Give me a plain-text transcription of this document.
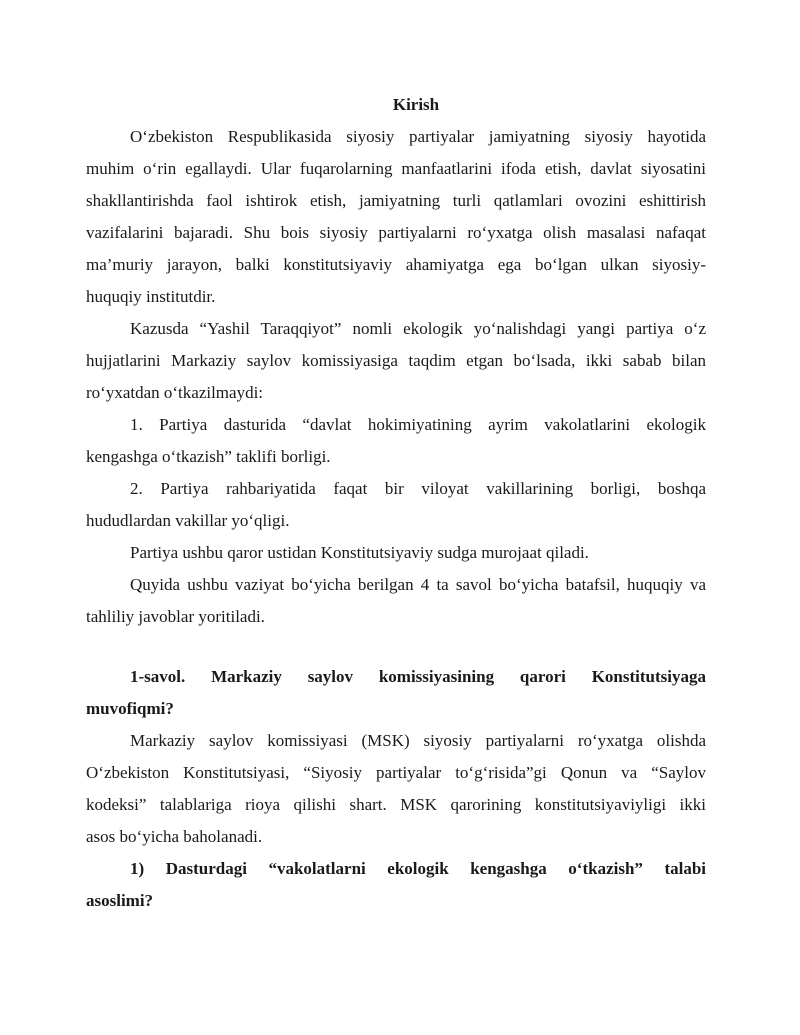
Kirish
O‘zbekiston Respublikasida siyosiy partiyalar jamiyatning siyosiy hayotida
muhim o‘rin egallaydi. Ular fuqarolarning manfaatlarini ifoda etish, davlat siyosatini
shakllantirishda faol ishtirok etish, jamiyatning turli qatlamlari ovozini eshittirish
vazifalarini bajaradi. Shu bois siyosiy partiyalarni ro‘yxatga olish masalasi nafaqat
ma’muriy jarayon, balki konstitutsiyaviy ahamiyatga ega bo‘lgan ulkan siyosiy-
huquqiy institutdir.
Kazusda “Yashil Taraqqiyot” nomli ekologik yo‘nalishdagi yangi partiya o‘z
hujjatlarini Markaziy saylov komissiyasiga taqdim etgan bo‘lsada, ikki sabab bilan
ro‘yxatdan o‘tkazilmaydi:
1. Partiya dasturida “davlat hokimiyatining ayrim vakolatlarini ekologik
kengashga o‘tkazish” taklifi borligi.
2. Partiya rahbariyatida faqat bir viloyat vakillarining borligi, boshqa
hududlardan vakillar yo‘qligi.
Partiya ushbu qaror ustidan Konstitutsiyaviy sudga murojaat qiladi.
Quyida ushbu vaziyat bo‘yicha berilgan 4 ta savol bo‘yicha batafsil, huquqiy va
tahliliy javoblar yoritiladi.
1-savol. Markaziy saylov komissiyasining qarori Konstitutsiyaga
muvofiqmi?
Markaziy saylov komissiyasi (MSK) siyosiy partiyalarni ro‘yxatga olishda
O‘zbekiston Konstitutsiyasi, “Siyosiy partiyalar to‘g‘risida”gi Qonun va “Saylov
kodeksi” talablariga rioya qilishi shart. MSK qarorining konstitutsiyaviyligi ikki
asos bo‘yicha baholanadi.
1) Dasturdagi “vakolatlarni ekologik kengashga o‘tkazish” talabi
asoslimi?
